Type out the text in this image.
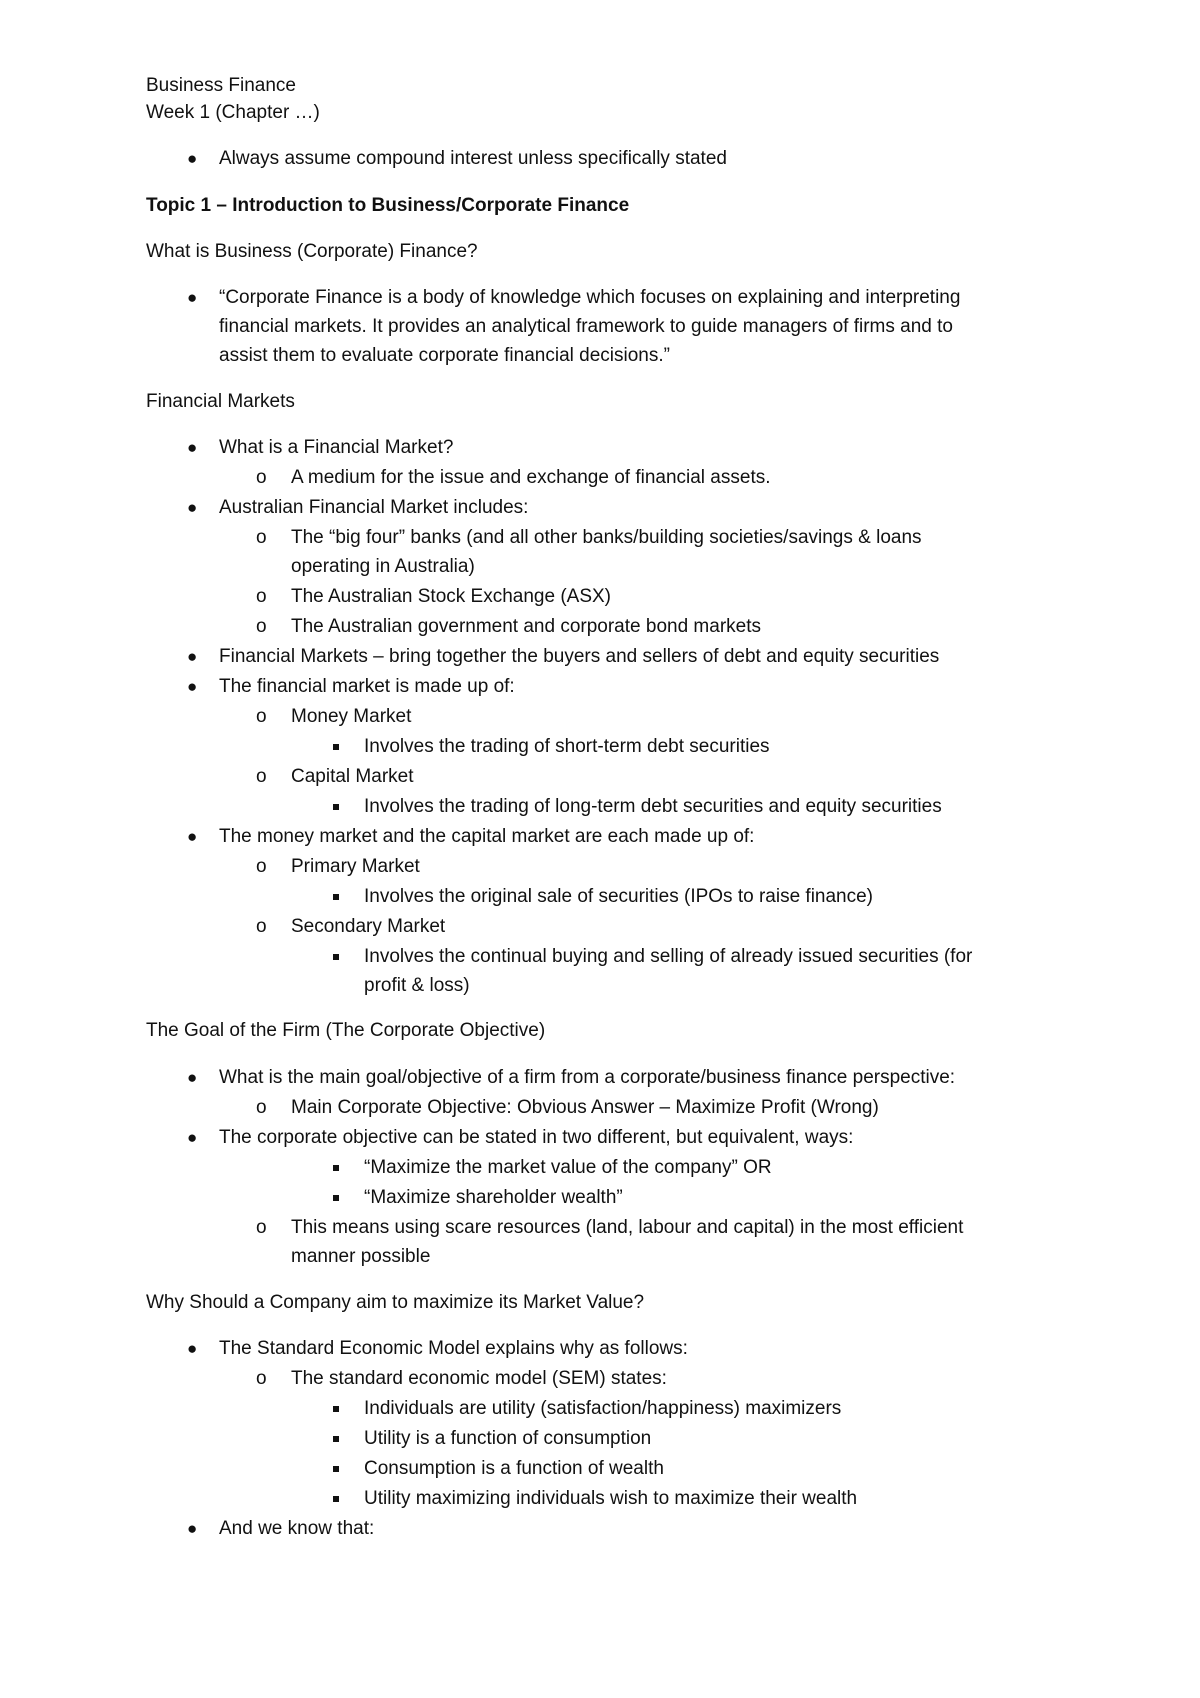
Business Finance
Week 1 (Chapter …)
● Always assume compound interest unless specifically stated
Topic 1 – Introduction to Business/Corporate Finance
What is Business (Corporate) Finance?
● “Corporate Finance is a body of knowledge which focuses on explaining and interpreting
financial markets. It provides an analytical framework to guide managers of firms and to
assist them to evaluate corporate financial decisions.”
Financial Markets
● What is a Financial Market?
o A medium for the issue and exchange of financial assets.
● Australian Financial Market includes:
o The “big four” banks (and all other banks/building societies/savings & loans
operating in Australia)
o The Australian Stock Exchange (ASX)
o The Australian government and corporate bond markets
● Financial Markets – bring together the buyers and sellers of debt and equity securities
● The financial market is made up of:
o Money Market
Involves the trading of short-term debt securities
o Capital Market
Involves the trading of long-term debt securities and equity securities
● The money market and the capital market are each made up of:
o Primary Market
Involves the original sale of securities (IPOs to raise finance)
o Secondary Market
Involves the continual buying and selling of already issued securities (for
profit & loss)
The Goal of the Firm (The Corporate Objective)
● What is the main goal/objective of a firm from a corporate/business finance perspective:
o Main Corporate Objective: Obvious Answer – Maximize Profit (Wrong)
● The corporate objective can be stated in two different, but equivalent, ways:
“Maximize the market value of the company” OR
“Maximize shareholder wealth”
o This means using scare resources (land, labour and capital) in the most efficient
manner possible
Why Should a Company aim to maximize its Market Value?
● The Standard Economic Model explains why as follows:
o The standard economic model (SEM) states:
Individuals are utility (satisfaction/happiness) maximizers
Utility is a function of consumption
Consumption is a function of wealth
Utility maximizing individuals wish to maximize their wealth
● And we know that:
